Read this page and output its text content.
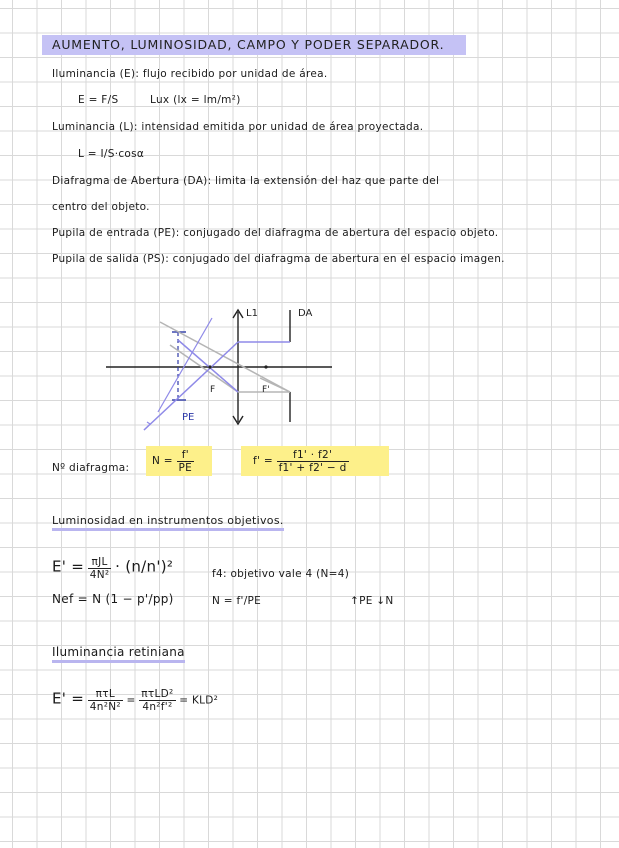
AUMENTO, LUMINOSIDAD, CAMPO Y PODER SEPARADOR.
Iluminancia (E): flujo recibido por unidad de área.
E = F/S	Lux (lx = lm/m²)
Luminancia (L): intensidad emitida por unidad de área proyectada.
L = I/S·cosα
Diafragma de Abertura (DA): limita la extensión del haz que parte del
centro del objeto.
Pupila de entrada (PE): conjugado del diafragma de abertura del espacio objeto.
Pupila de salida (PS): conjugado del diafragma de abertura en el espacio imagen.
L1	DA
F	F'
PE
Nº diafragma:
$N = \frac{f'}{PE}$	$f' = \frac{f1' \cdot f2'}{f1' + f2' - d}$
Luminosidad en instrumentos objetivos.
$E' = \frac{\text{πJL}}{\text{4N²}} \cdot (n/n')^2$	f4: objetivo vale 4 (N=4)
Nef = N (1 − p'/pp)	N = f'/PE	↑PE ↓N
Iluminancia retiniana
$E' = \frac{\text{πτL}}{\text{4n²N²}} = \frac{\text{πτLD²}}{\text{4n²f'²}} = KLD^2$
